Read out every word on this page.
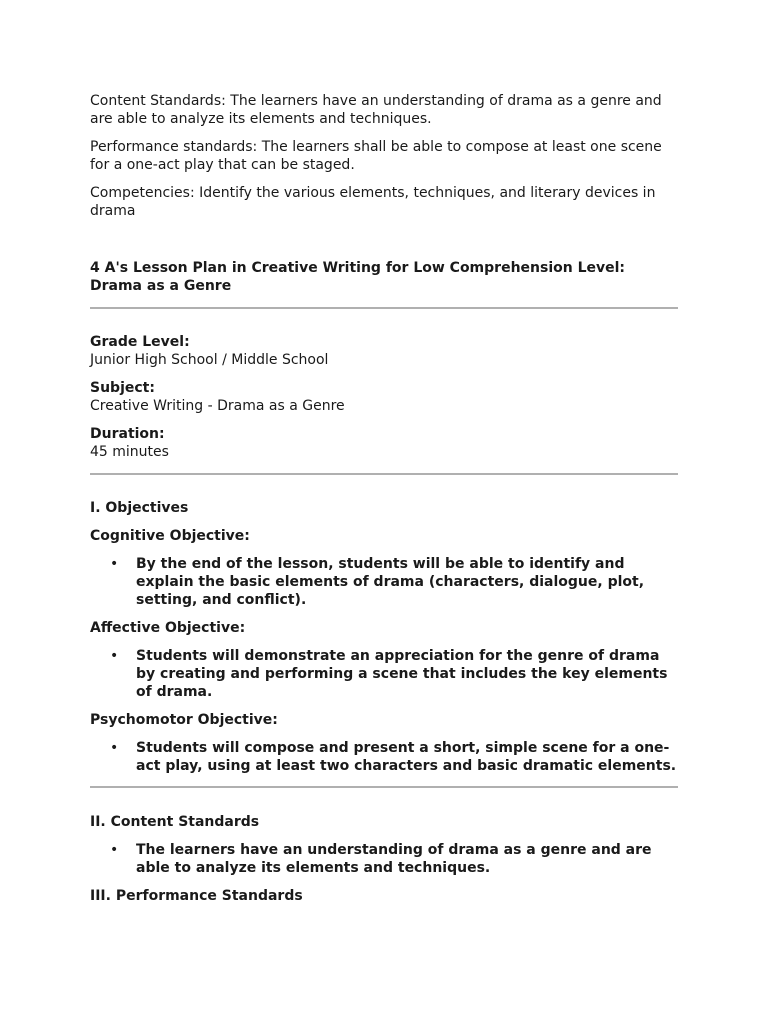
Content Standards: The learners have an understanding of drama as a genre and are able to analyze its elements and techniques.

Performance standards: The learners shall be able to compose at least one scene for a one-act play that can be staged.

Competencies: Identify the various elements, techniques, and literary devices in drama

4 A's Lesson Plan in Creative Writing for Low Comprehension Level: Drama as a Genre

Grade Level:

Junior High School / Middle School

Subject:

Creative Writing - Drama as a Genre

Duration:

45 minutes

I. Objectives

Cognitive Objective:

• By the end of the lesson, students will be able to identify and explain the basic elements of drama (characters, dialogue, plot, setting, and conflict).

Affective Objective:

• Students will demonstrate an appreciation for the genre of drama by creating and performing a scene that includes the key elements of drama.

Psychomotor Objective:

• Students will compose and present a short, simple scene for a one-act play, using at least two characters and basic dramatic elements.

II. Content Standards

• The learners have an understanding of drama as a genre and are able to analyze its elements and techniques.

III. Performance Standards
